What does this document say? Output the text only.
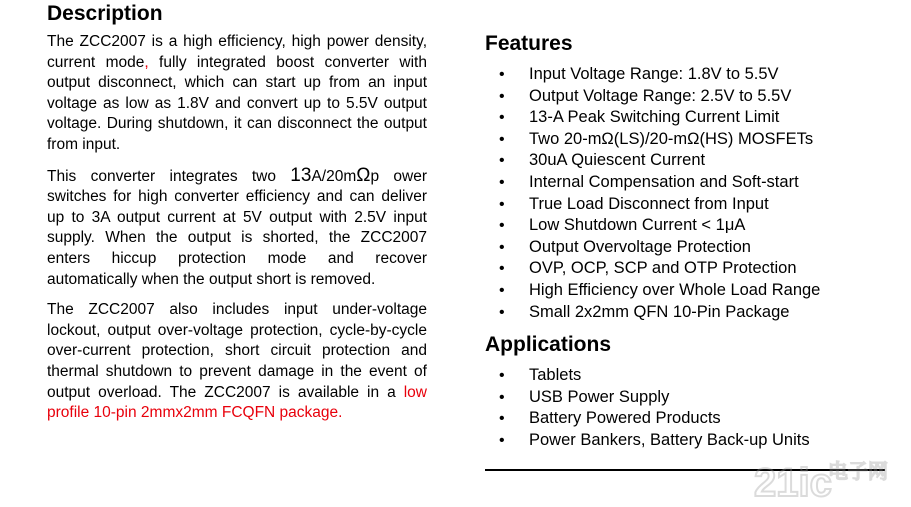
Description

The ZCC2007 is a high efficiency, high power density, current mode, fully integrated boost converter with output disconnect, which can start up from an input voltage as low as 1.8V and convert up to 5.5V output voltage. During shutdown, it can disconnect the output from input.

This converter integrates two 13A/20mΩp ower switches for high converter efficiency and can deliver up to 3A output current at 5V output with 2.5V input supply. When the output is shorted, the ZCC2007 enters hiccup protection mode and recover automatically when the output short is removed.

The ZCC2007 also includes input under-voltage lockout, output over-voltage protection, cycle-by-cycle over-current protection, short circuit protection and thermal shutdown to prevent damage in the event of output overload. The ZCC2007 is available in a low profile 10-pin 2mmx2mm FCQFN package.

Features
• Input Voltage Range: 1.8V to 5.5V
• Output Voltage Range: 2.5V to 5.5V
• 13-A Peak Switching Current Limit
• Two 20-mΩ(LS)/20-mΩ(HS) MOSFETs
• 30uA Quiescent Current
• Internal Compensation and Soft-start
• True Load Disconnect from Input
• Low Shutdown Current < 1μA
• Output Overvoltage Protection
• OVP, OCP, SCP and OTP Protection
• High Efficiency over Whole Load Range
• Small 2x2mm QFN 10-Pin Package
Applications
• Tablets
• USB Power Supply
• Battery Powered Products
• Power Bankers, Battery Back-up Units
21ic
电子网
